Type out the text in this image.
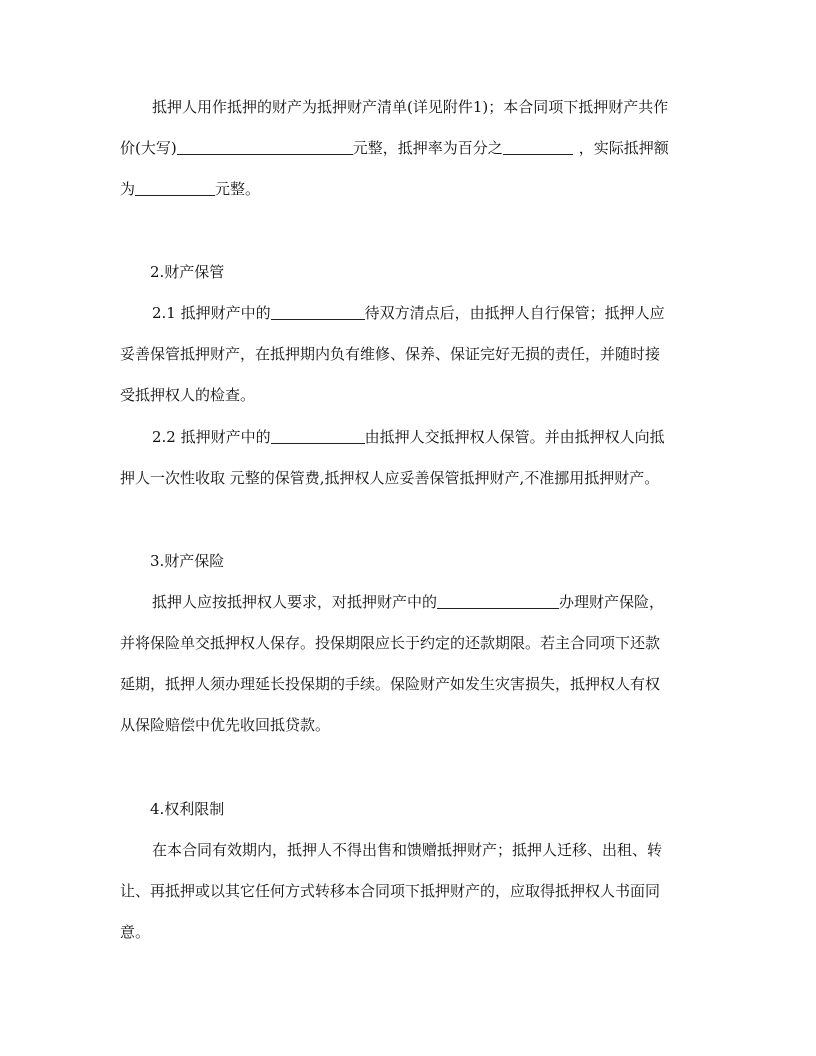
抵押人用作抵押的财产为抵押财产清单(详见附件1)；本合同项下抵押财产共作
价(大写)	元整，抵押率为百分之	，实际抵押额
为	元整。
2.财产保管
2.1 抵押财产中的	待双方清点后，由抵押人自行保管；抵押人应
妥善保管抵押财产，在抵押期内负有维修、保养、保证完好无损的责任，并随时接
受抵押权人的检查。
2.2 抵押财产中的	由抵押人交抵押权人保管。并由抵押权人向抵
押人一次性收取 元整的保管费,抵押权人应妥善保管抵押财产,不准挪用抵押财产。
3.财产保险
抵押人应按抵押权人要求，对抵押财产中的	办理财产保险，
并将保险单交抵押权人保存。投保期限应长于约定的还款期限。若主合同项下还款
延期，抵押人须办理延长投保期的手续。保险财产如发生灾害损失，抵押权人有权
从保险赔偿中优先收回抵贷款。
4.权利限制
在本合同有效期内，抵押人不得出售和馈赠抵押财产；抵押人迁移、出租、转
让、再抵押或以其它任何方式转移本合同项下抵押财产的，应取得抵押权人书面同
意。
